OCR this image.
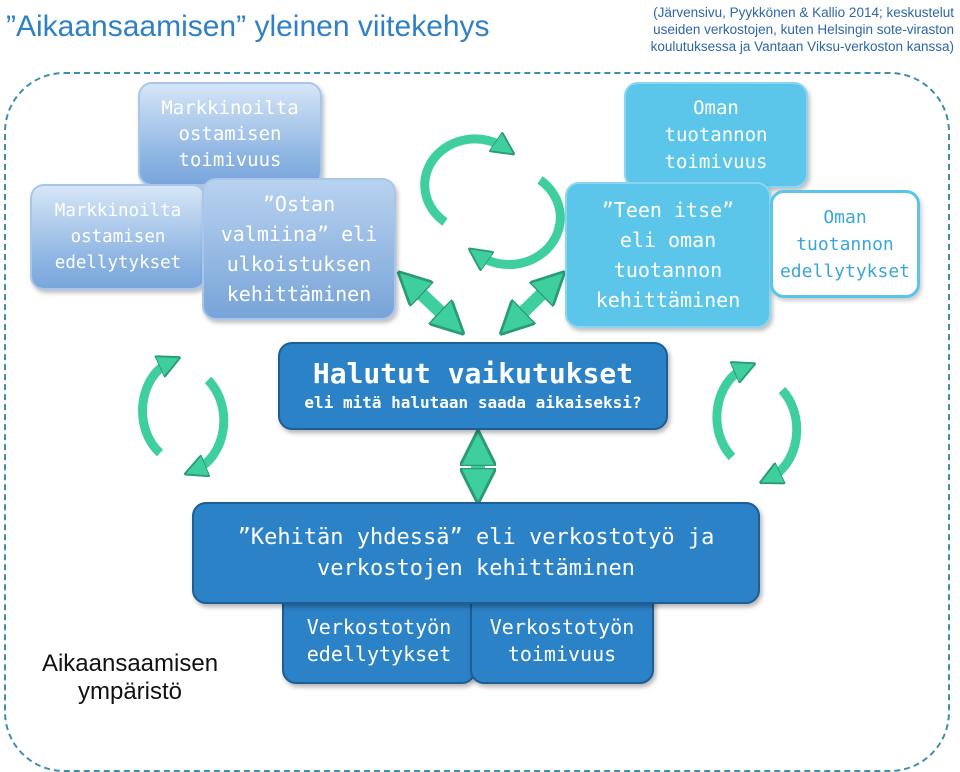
”Aikaansaamisen” yleinen viitekehys	(Järvensivu, Pyykkönen & Kallio 2014; keskustelut
useiden verkostojen, kuten Helsingin sote-viraston
koulutuksessa ja Vantaan Viksu-verkoston kanssa)
Markkinoilta
ostamisen
toimivuus
Markkinoilta
ostamisen
edellytykset
”Ostan
valmiina” eli
ulkoistuksen
kehittäminen
Oman
tuotannon
toimivuus
”Teen itse”
eli oman
tuotannon
kehittäminen
Oman
tuotannon
edellytykset
Halutut vaikutukset
eli mitä halutaan saada aikaiseksi?
Verkostotyön
edellytykset
Verkostotyön
toimivuus
”Kehitän yhdessä” eli verkostotyö ja
verkostojen kehittäminen
Aikaansaamisen
ympäristö
